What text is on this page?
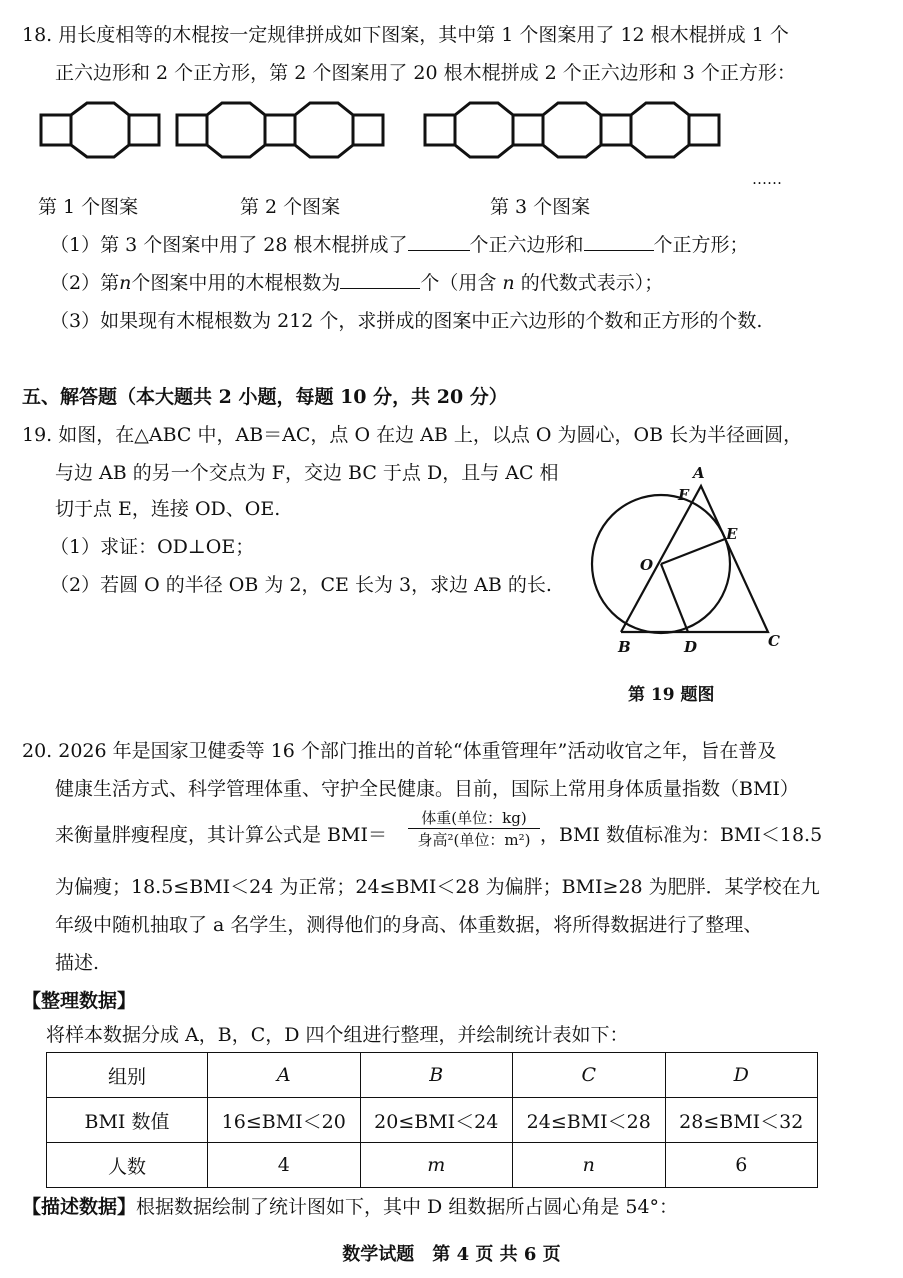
18. 用长度相等的木棍按一定规律拼成如下图案，其中第 1 个图案用了 12 根木棍拼成 1 个
正六边形和 2 个正方形，第 2 个图案用了 20 根木棍拼成 2 个正六边形和 3 个正方形：
……
第 1 个图案	第 2 个图案	第 3 个图案
（1）第 3 个图案中用了 28 根木棍拼成了	个正六边形和	个正方形；
（2）第n个图案中用的木棍根数为	个（用含 n 的代数式表示）；
（3）如果现有木棍根数为 212 个，求拼成的图案中正六边形的个数和正方形的个数.
五、解答题（本大题共 2 小题，每题 10 分，共 20 分）
19. 如图，在△ABC 中，AB＝AC，点 O 在边 AB 上，以点 O 为圆心，OB 长为半径画圆，
与边 AB 的另一个交点为 F，交边 BC 于点 D，且与 AC 相
切于点 E，连接 OD、OE.
（1）求证：OD⊥OE；
（2）若圆 O 的半径 OB 为 2，CE 长为 3，求边 AB 的长.
A
F
E
O
B	D	C
第 19 题图
20. 2026 年是国家卫健委等 16 个部门推出的首轮“体重管理年”活动收官之年，旨在普及
健康生活方式、科学管理体重、守护全民健康。目前，国际上常用身体质量指数（BMI）
来衡量胖瘦程度，其计算公式是 BMI＝
体重(单位：kg)
身高²(单位：m²) ，BMI 数值标准为：BMI＜18.5
为偏瘦；18.5≤BMI＜24 为正常；24≤BMI＜28 为偏胖；BMI≥28 为肥胖．某学校在九
年级中随机抽取了 a 名学生，测得他们的身高、体重数据，将所得数据进行了整理、
描述.
【整理数据】
将样本数据分成 A，B，C，D 四个组进行整理，并绘制统计表如下：
组别	A	B	C	D
BMI 数值	16≤BMI＜20	20≤BMI＜24	24≤BMI＜28	28≤BMI＜32
人数	4	m	n	6
【描述数据】根据数据绘制了统计图如下，其中 D 组数据所占圆心角是 54°：
数学试题　第 4 页 共 6 页
